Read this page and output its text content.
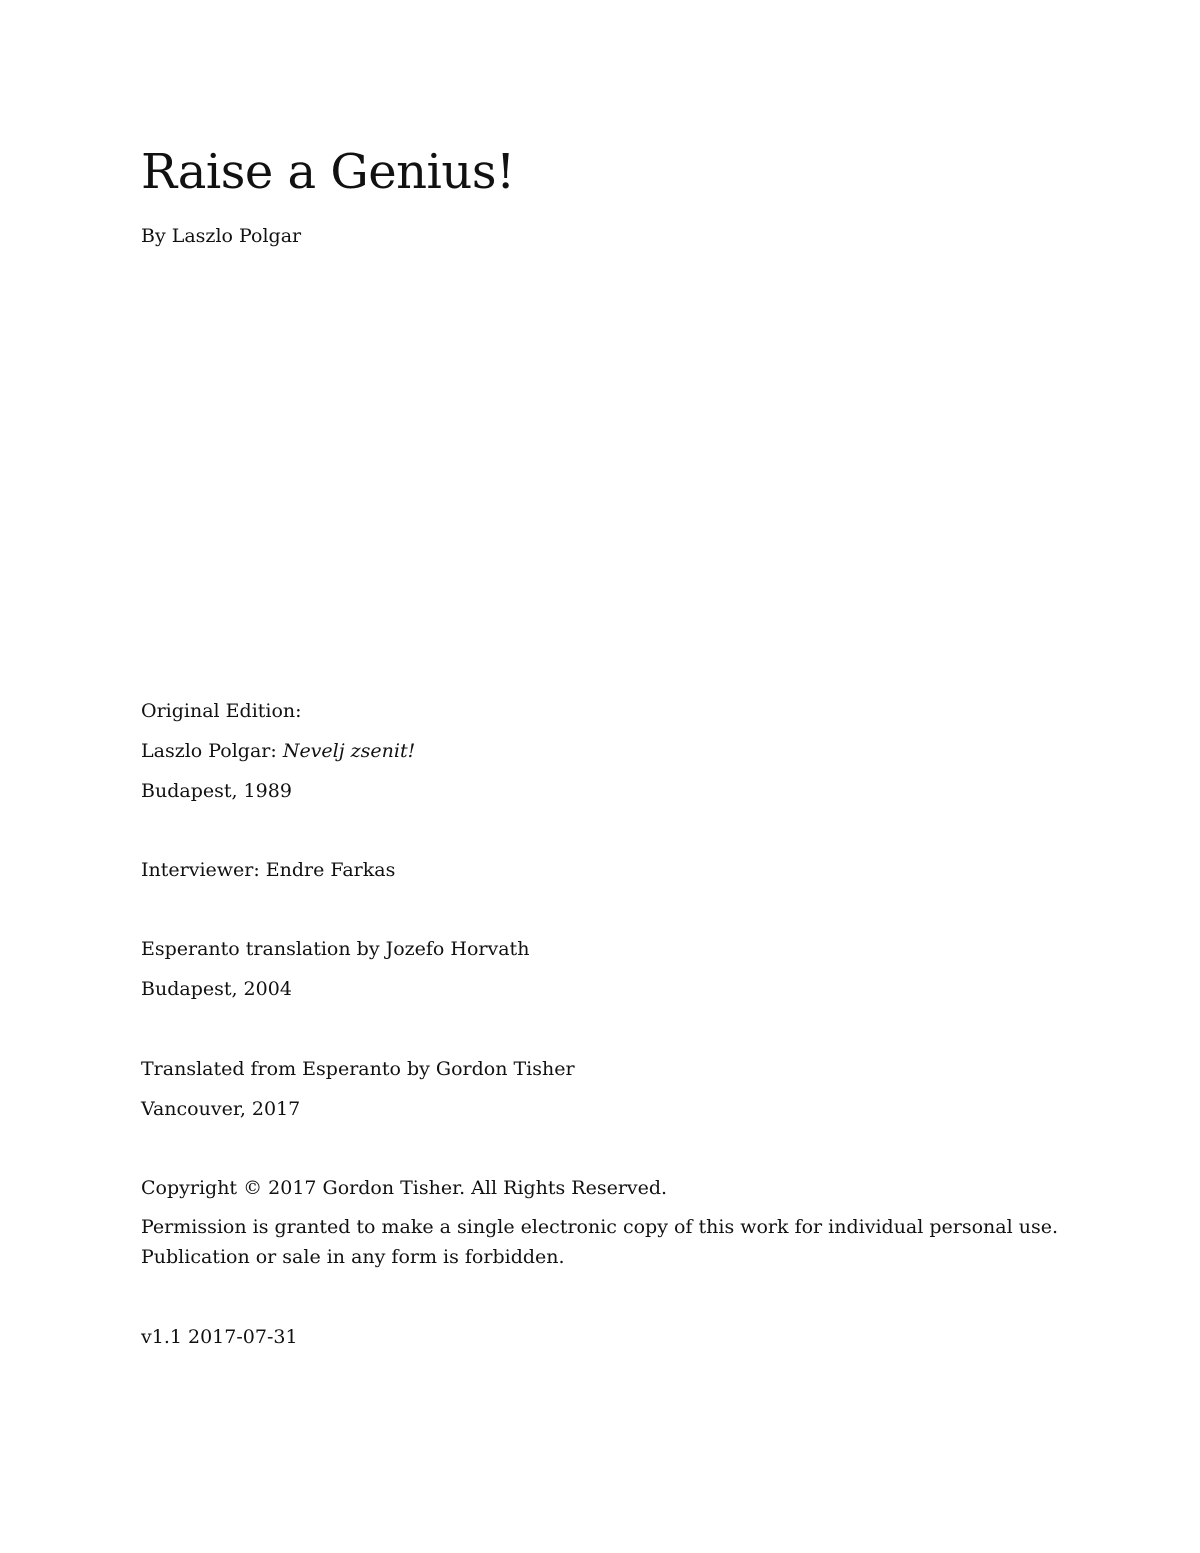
Raise a Genius!

By Laszlo Polgar

Original Edition:

Laszlo Polgar: Nevelj zsenit!

Budapest, 1989

Interviewer: Endre Farkas

Esperanto translation by Jozefo Horvath

Budapest, 2004

Translated from Esperanto by Gordon Tisher

Vancouver, 2017

Copyright © 2017 Gordon Tisher. All Rights Reserved.

Permission is granted to make a single electronic copy of this work for individual personal use. Publication or sale in any form is forbidden.

v1.1 2017-07-31
